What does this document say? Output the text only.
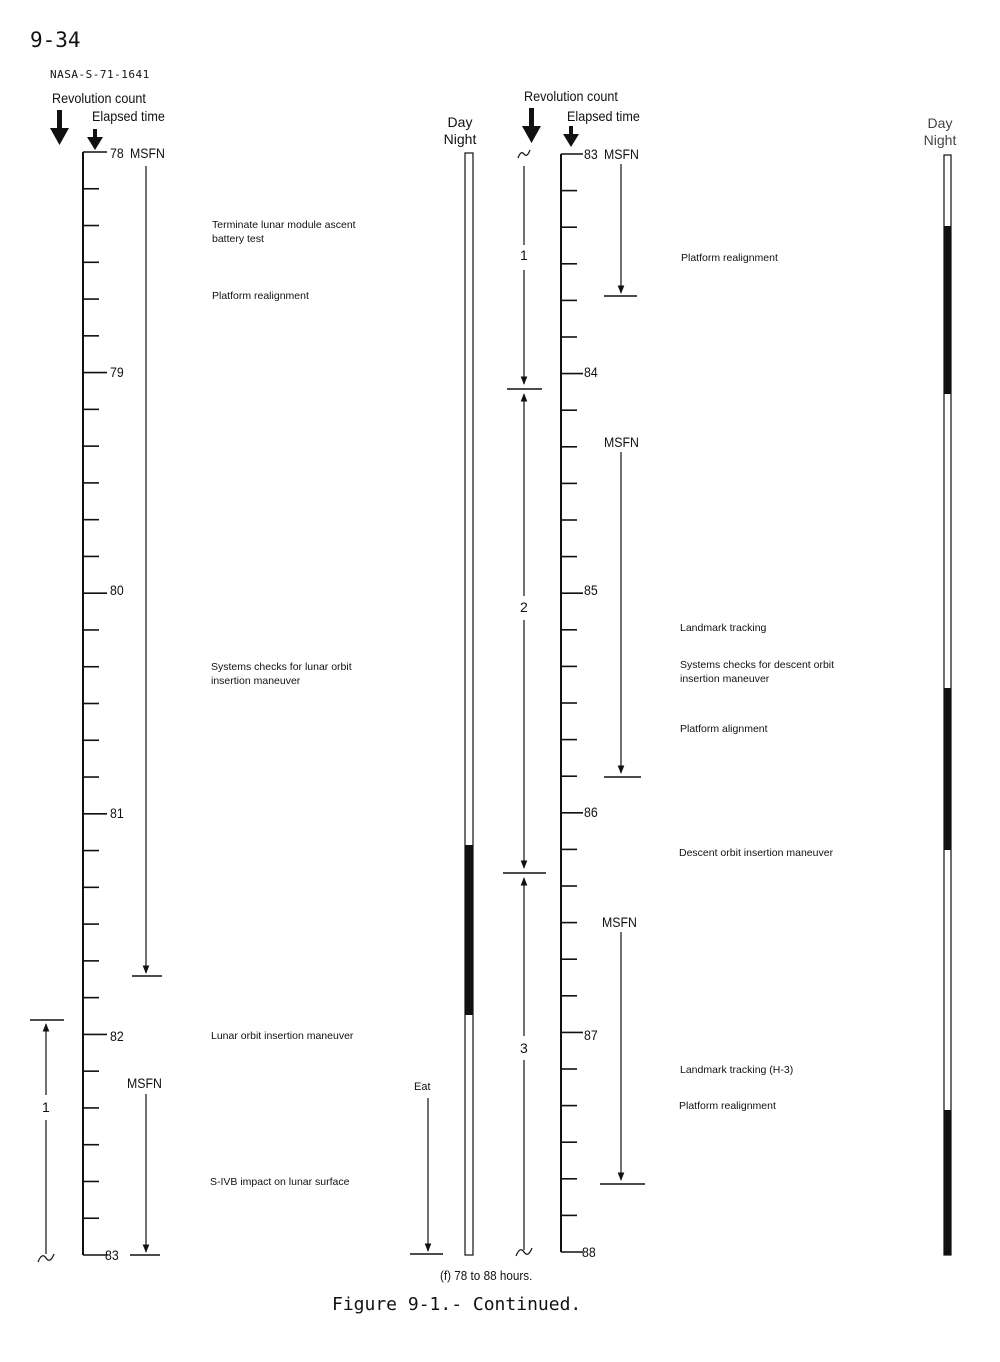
9-34
NASA-S-71-1641
Revolution count
Elapsed time	Day
Night
Revolution count
Elapsed time	Day
Night
78
79
80
81
82
83
MSFN
MSFN
Terminate lunar module ascent
battery test
Platform realignment
Systems checks for lunar orbit
insertion maneuver
Lunar orbit insertion maneuver
S-IVB impact on lunar surface
Eat
1
1
2
3
83
84
85
86
87
88
MSFN
MSFN
MSFN
Platform realignment
Landmark tracking
Systems checks for descent orbit
insertion maneuver
Platform alignment
Descent orbit insertion maneuver
Landmark tracking (H-3)
Platform realignment
(f) 78 to 88 hours.
Figure 9-1.- Continued.
